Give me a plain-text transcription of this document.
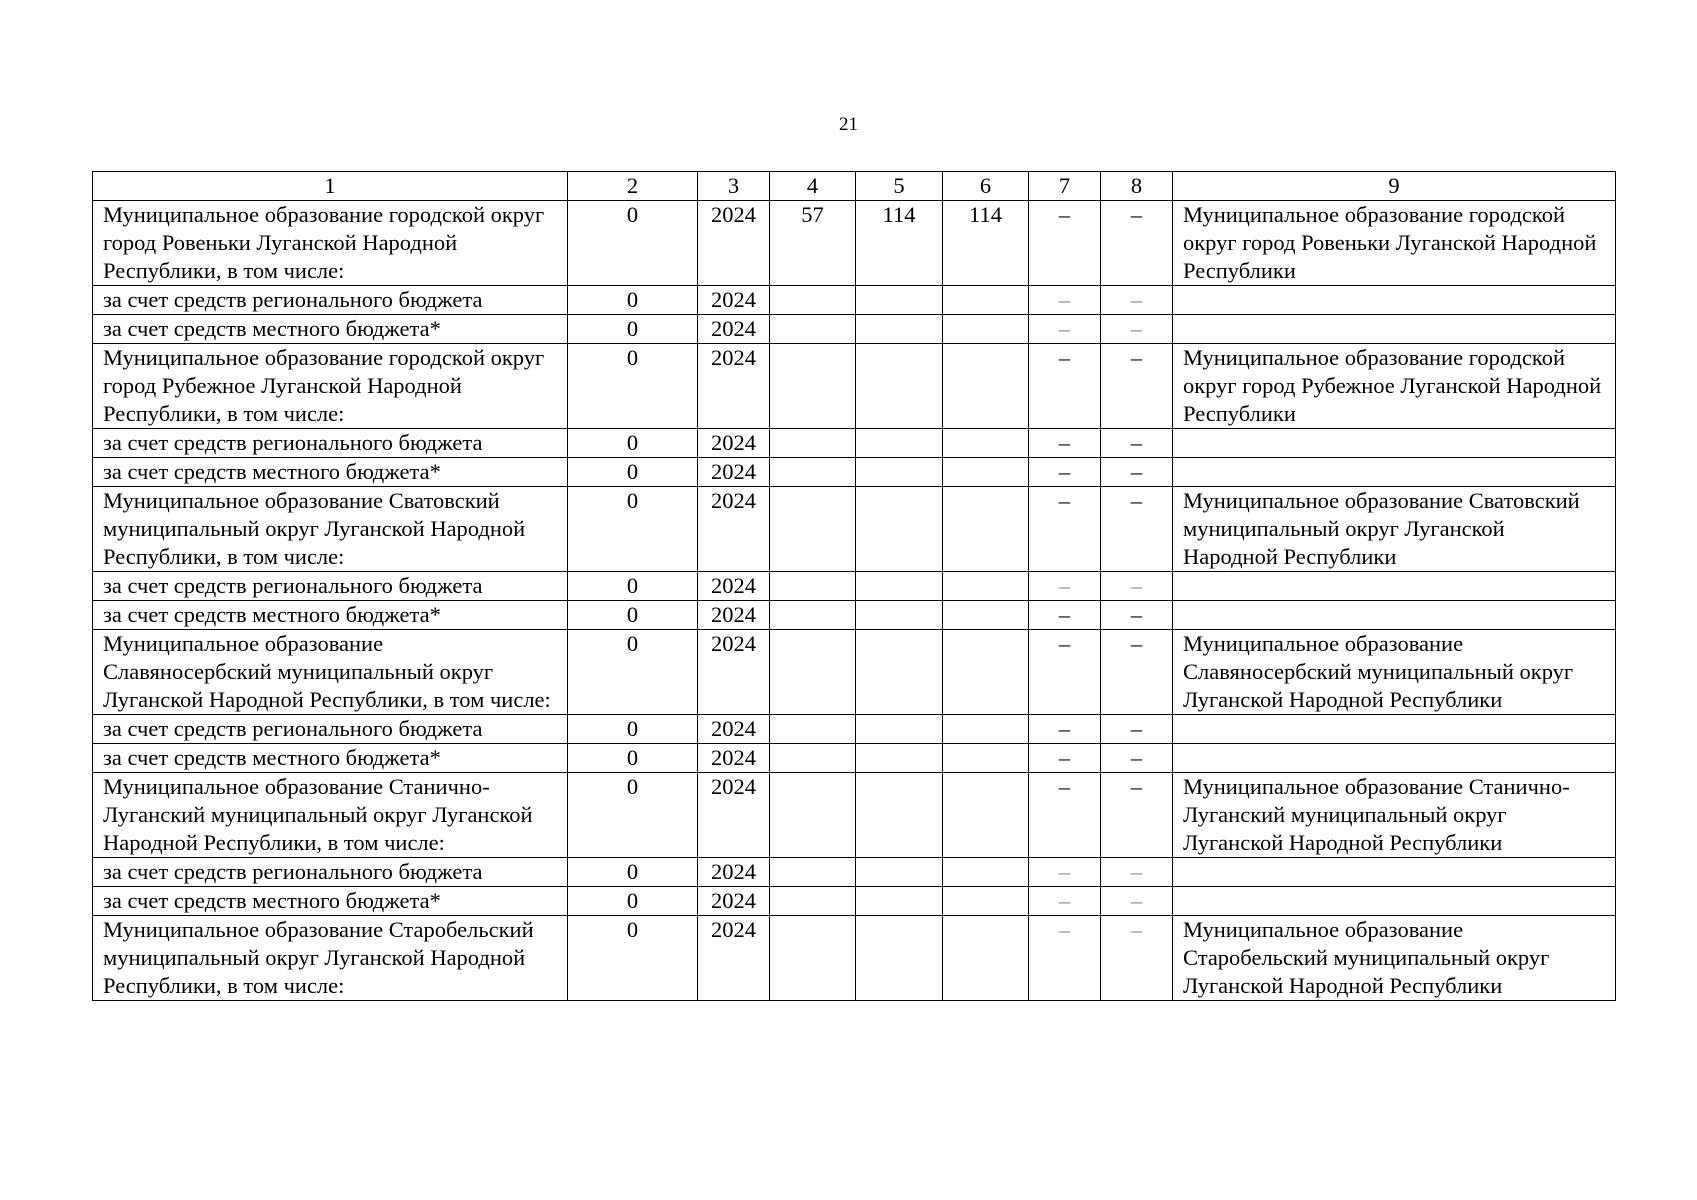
21
1	2	3	4	5	6	7	8	9
Муниципальное образование городской округ город Ровеньки Луганской Народной Республики, в том числе:	0	2024	57	114	114	–	–	Муниципальное образование городской округ город Ровеньки Луганской Народной Республики
за счет средств регионального бюджета	0	2024				–	–	
за счет средств местного бюджета*	0	2024				–	–	
Муниципальное образование городской округ город Рубежное Луганской Народной Республики, в том числе:	0	2024				–	–	Муниципальное образование городской округ город Рубежное Луганской Народной Республики
за счет средств регионального бюджета	0	2024				–	–	
за счет средств местного бюджета*	0	2024				–	–	
Муниципальное образование Сватовский муниципальный округ Луганской Народной Республики, в том числе:	0	2024				–	–	Муниципальное образование Сватовский муниципальный округ Луганской Народной Республики
за счет средств регионального бюджета	0	2024				–	–	
за счет средств местного бюджета*	0	2024				–	–	
Муниципальное образование Славяносербский муниципальный округ Луганской Народной Республики, в том числе:	0	2024				–	–	Муниципальное образование Славяносербский муниципальный округ Луганской Народной Республики
за счет средств регионального бюджета	0	2024				–	–	
за счет средств местного бюджета*	0	2024				–	–	
Муниципальное образование Станично-Луганский муниципальный округ Луганской Народной Республики, в том числе:	0	2024				–	–	Муниципальное образование Станично-Луганский муниципальный округ Луганской Народной Республики
за счет средств регионального бюджета	0	2024				–	–	
за счет средств местного бюджета*	0	2024				–	–	
Муниципальное образование Старобельский муниципальный округ Луганской Народной Республики, в том числе:	0	2024				–	–	Муниципальное образование Старобельский муниципальный округ Луганской Народной Республики
